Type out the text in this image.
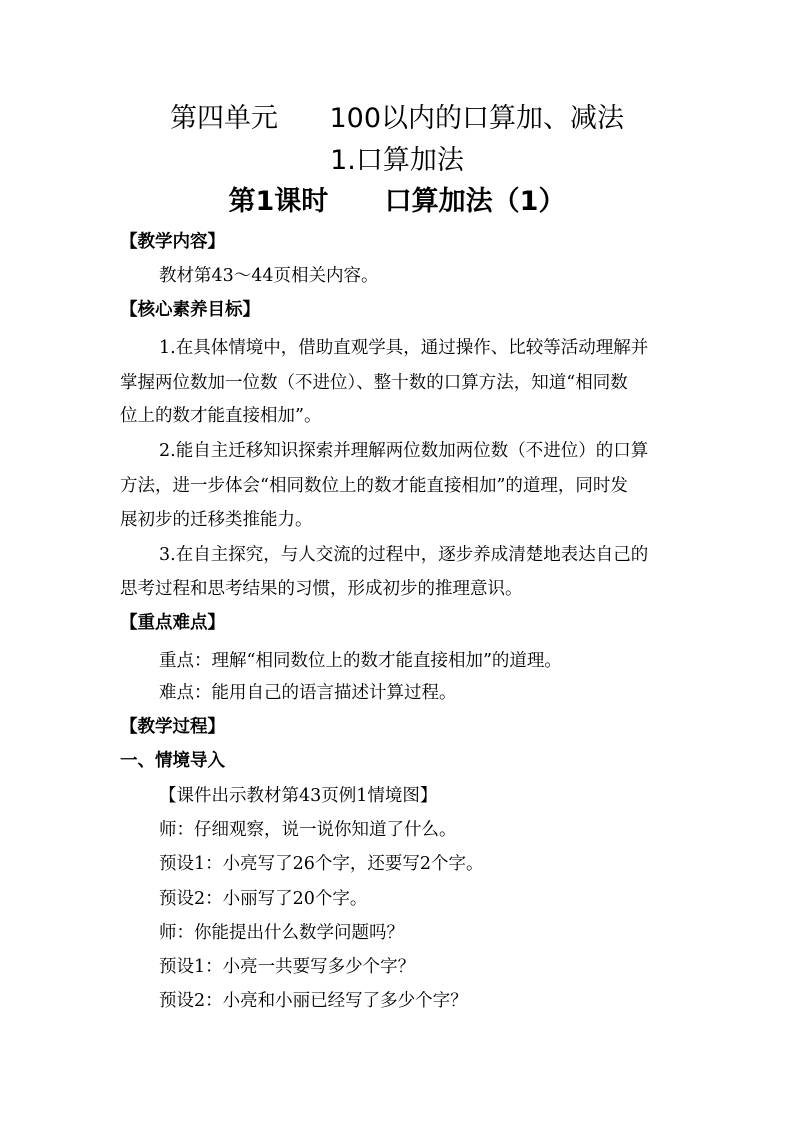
第四单元      100以内的口算加、减法
1.口算加法
第1课时      口算加法（1）
【教学内容】
教材第43～44页相关内容。
【核心素养目标】
1.在具体情境中，借助直观学具，通过操作、比较等活动理解并
掌握两位数加一位数（不进位）、整十数的口算方法，知道“相同数
位上的数才能直接相加”。
2.能自主迁移知识探索并理解两位数加两位数（不进位）的口算
方法，进一步体会“相同数位上的数才能直接相加”的道理，同时发
展初步的迁移类推能力。
3.在自主探究，与人交流的过程中，逐步养成清楚地表达自己的
思考过程和思考结果的习惯，形成初步的推理意识。
【重点难点】
重点：理解“相同数位上的数才能直接相加”的道理。
难点：能用自己的语言描述计算过程。
【教学过程】
一、情境导入
【课件出示教材第43页例1情境图】
师：仔细观察，说一说你知道了什么。
预设1：小亮写了26个字，还要写2个字。
预设2：小丽写了20个字。
师：你能提出什么数学问题吗？
预设1：小亮一共要写多少个字？
预设2：小亮和小丽已经写了多少个字？
